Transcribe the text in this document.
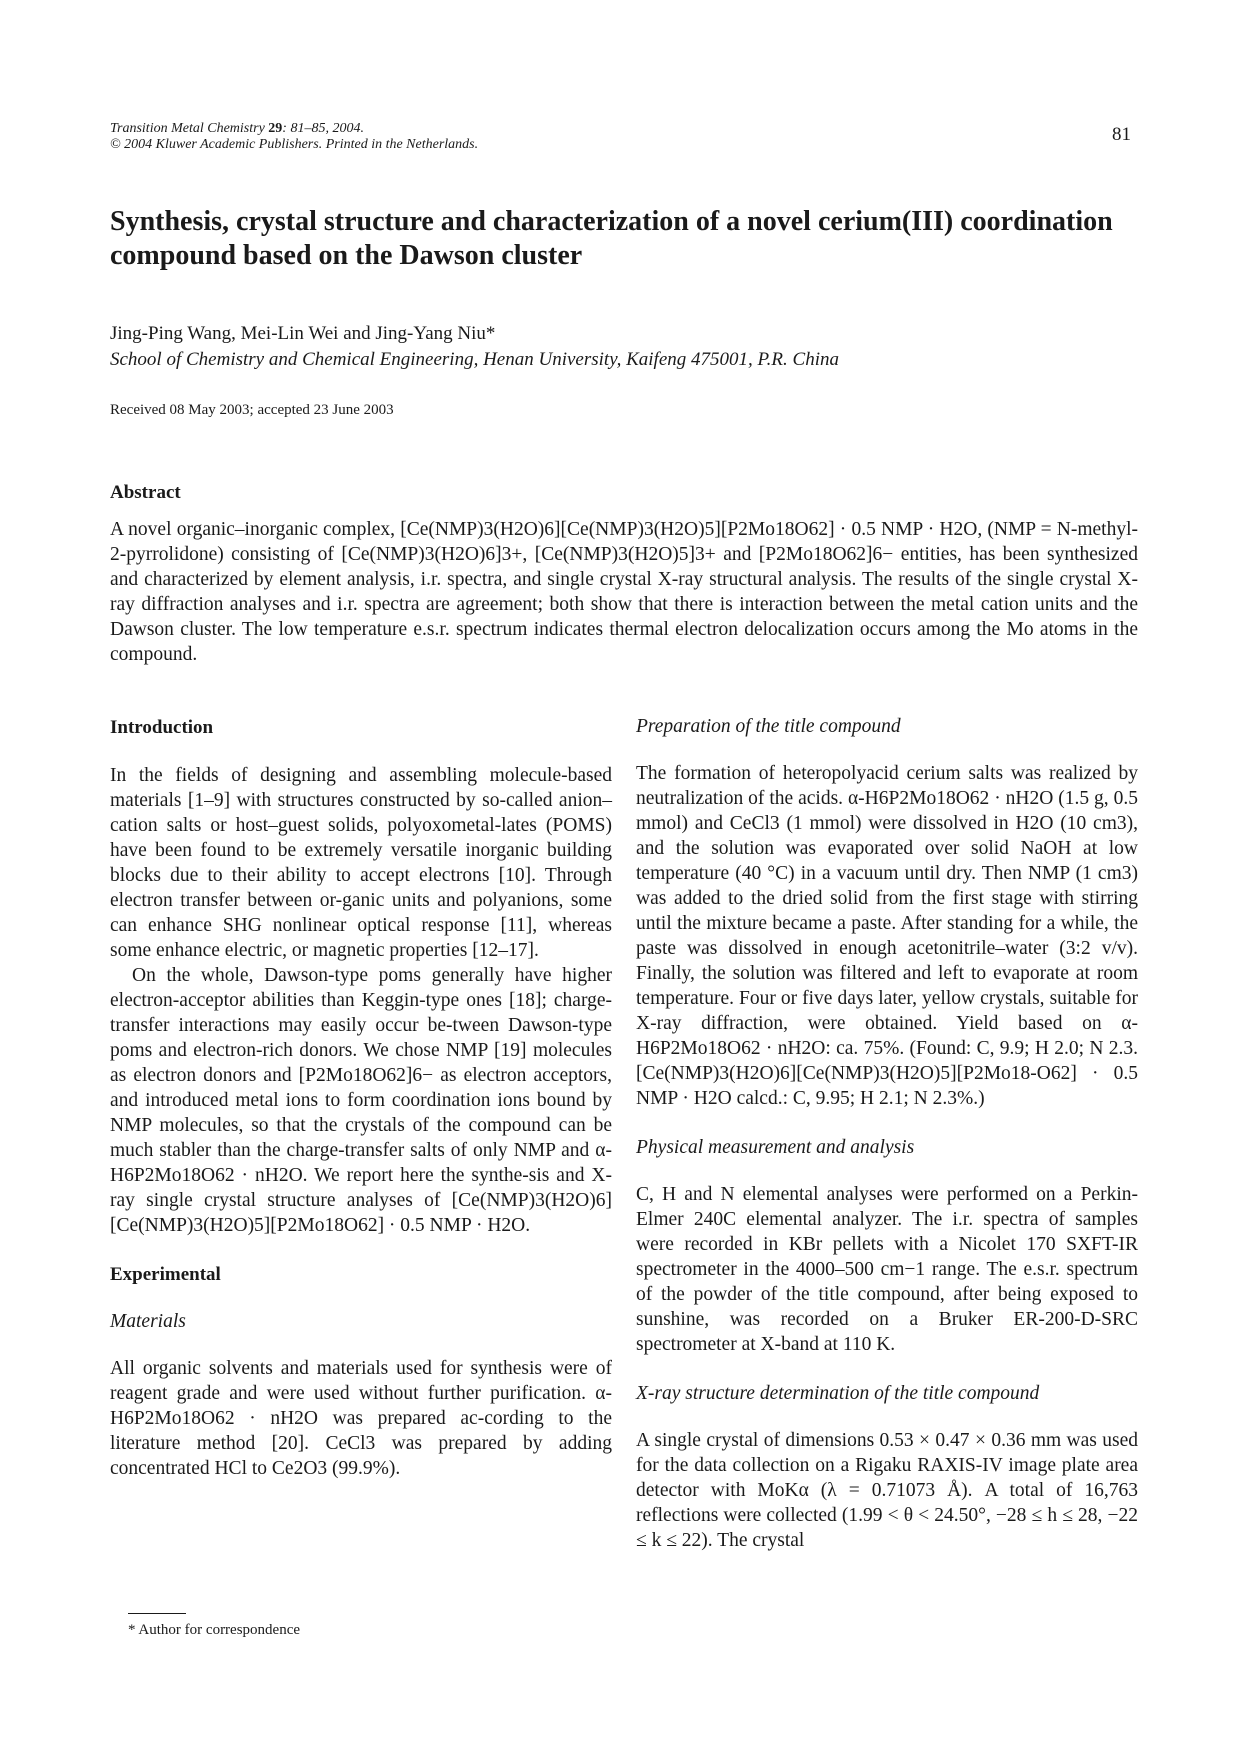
Transition Metal Chemistry 29: 81–85, 2004.
© 2004 Kluwer Academic Publishers. Printed in the Netherlands.	81
Synthesis, crystal structure and characterization of a novel cerium(III) coordination compound based on the Dawson cluster
Jing-Ping Wang, Mei-Lin Wei and Jing-Yang Niu*
School of Chemistry and Chemical Engineering, Henan University, Kaifeng 475001, P.R. China
Received 08 May 2003; accepted 23 June 2003
Abstract
A novel organic–inorganic complex, [Ce(NMP)3(H2O)6][Ce(NMP)3(H2O)5][P2Mo18O62] · 0.5 NMP · H2O, (NMP = N-methyl-2-pyrrolidone) consisting of [Ce(NMP)3(H2O)6]3+, [Ce(NMP)3(H2O)5]3+ and [P2Mo18O62]6− entities, has been synthesized and characterized by element analysis, i.r. spectra, and single crystal X-ray structural analysis. The results of the single crystal X-ray diffraction analyses and i.r. spectra are agreement; both show that there is interaction between the metal cation units and the Dawson cluster. The low temperature e.s.r. spectrum indicates thermal electron delocalization occurs among the Mo atoms in the compound.
Introduction

In the fields of designing and assembling molecule-based materials [1–9] with structures constructed by so-called anion–cation salts or host–guest solids, polyoxometal-lates (POMS) have been found to be extremely versatile inorganic building blocks due to their ability to accept electrons [10]. Through electron transfer between or-ganic units and polyanions, some can enhance SHG nonlinear optical response [11], whereas some enhance electric, or magnetic properties [12–17].

On the whole, Dawson-type poms generally have higher electron-acceptor abilities than Keggin-type ones [18]; charge-transfer interactions may easily occur be-tween Dawson-type poms and electron-rich donors. We chose NMP [19] molecules as electron donors and [P2Mo18O62]6− as electron acceptors, and introduced metal ions to form coordination ions bound by NMP molecules, so that the crystals of the compound can be much stabler than the charge-transfer salts of only NMP and α-H6P2Mo18O62 · nH2O. We report here the synthe-sis and X-ray single crystal structure analyses of [Ce(NMP)3(H2O)6][Ce(NMP)3(H2O)5][P2Mo18O62] · 0.5 NMP · H2O.

Experimental
Materials

All organic solvents and materials used for synthesis were of reagent grade and were used without further purification. α-H6P2Mo18O62 · nH2O was prepared ac-cording to the literature method [20]. CeCl3 was prepared by adding concentrated HCl to Ce2O3 (99.9%).

* Author for correspondence
Preparation of the title compound

The formation of heteropolyacid cerium salts was realized by neutralization of the acids. α-H6P2Mo18O62 · nH2O (1.5 g, 0.5 mmol) and CeCl3 (1 mmol) were dissolved in H2O (10 cm3), and the solution was evaporated over solid NaOH at low temperature (40 °C) in a vacuum until dry. Then NMP (1 cm3) was added to the dried solid from the first stage with stirring until the mixture became a paste. After standing for a while, the paste was dissolved in enough acetonitrile–water (3:2 v/v). Finally, the solution was filtered and left to evaporate at room temperature. Four or five days later, yellow crystals, suitable for X-ray diffraction, were obtained. Yield based on α-H6P2Mo18O62 · nH2O: ca. 75%. (Found: C, 9.9; H 2.0; N 2.3. [Ce(NMP)3(H2O)6][Ce(NMP)3(H2O)5][P2Mo18-O62] · 0.5 NMP · H2O calcd.: C, 9.95; H 2.1; N 2.3%.)

Physical measurement and analysis

C, H and N elemental analyses were performed on a Perkin-Elmer 240C elemental analyzer. The i.r. spectra of samples were recorded in KBr pellets with a Nicolet 170 SXFT-IR spectrometer in the 4000–500 cm−1 range. The e.s.r. spectrum of the powder of the title compound, after being exposed to sunshine, was recorded on a Bruker ER-200-D-SRC spectrometer at X-band at 110 K.

X-ray structure determination of the title compound

A single crystal of dimensions 0.53 × 0.47 × 0.36 mm was used for the data collection on a Rigaku RAXIS-IV image plate area detector with MoKα (λ = 0.71073 Å). A total of 16,763 reflections were collected (1.99 < θ < 24.50°, −28 ≤ h ≤ 28, −22 ≤ k ≤ 22). The crystal
